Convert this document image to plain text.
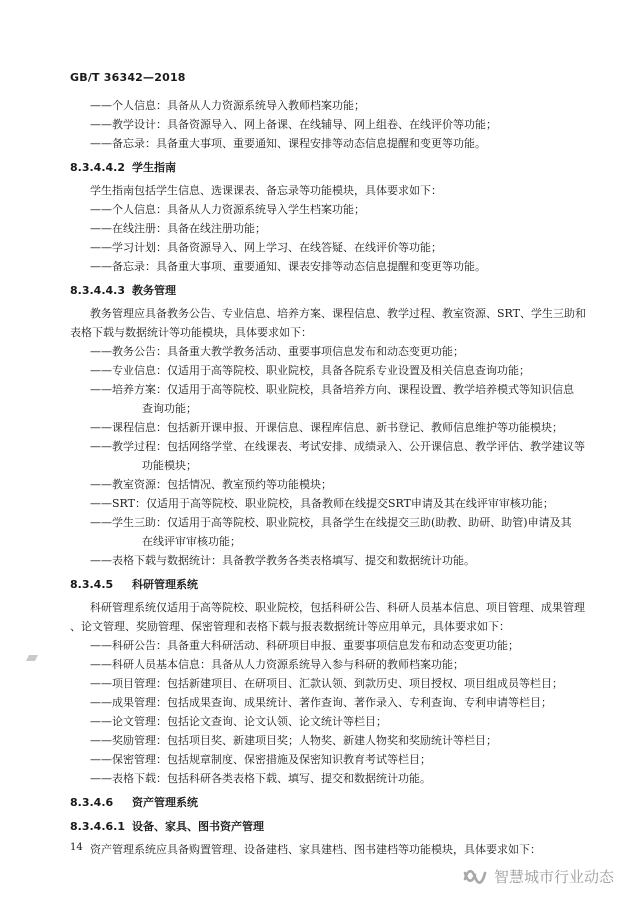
GB/T 36342—2018
——个人信息：具备从人力资源系统导入教师档案功能；
——教学设计：具备资源导入、网上备课、在线辅导、网上组卷、在线评价等功能；
——备忘录：具备重大事项、重要通知、课程安排等动态信息提醒和变更等功能。
8.3.4.4.2 学生指南
学生指南包括学生信息、选课课表、备忘录等功能模块，具体要求如下：
——个人信息：具备从人力资源系统导入学生档案功能；
——在线注册：具备在线注册功能；
——学习计划：具备资源导入、网上学习、在线答疑、在线评价等功能；
——备忘录：具备重大事项、重要通知、课表安排等动态信息提醒和变更等功能。
8.3.4.4.3 教务管理
教务管理应具备教务公告、专业信息、培养方案、课程信息、教学过程、教室资源、SRT、学生三助和
表格下载与数据统计等功能模块，具体要求如下：
——教务公告：具备重大教学教务活动、重要事项信息发布和动态变更功能；
——专业信息：仅适用于高等院校、职业院校，具备各院系专业设置及相关信息查询功能；
——培养方案：仅适用于高等院校、职业院校，具备培养方向、课程设置、教学培养模式等知识信息
查询功能；
——课程信息：包括新开课申报、开课信息、课程库信息、新书登记、教师信息维护等功能模块；
——教学过程：包括网络学堂、在线课表、考试安排、成绩录入、公开课信息、教学评估、教学建议等
功能模块；
——教室资源：包括情况、教室预约等功能模块；
——SRT：仅适用于高等院校、职业院校，具备教师在线提交SRT申请及其在线评审审核功能；
——学生三助：仅适用于高等院校、职业院校，具备学生在线提交三助(助教、助研、助管)申请及其
在线评审审核功能；
——表格下载与数据统计：具备教学教务各类表格填写、提交和数据统计功能。
8.3.4.5 科研管理系统
科研管理系统仅适用于高等院校、职业院校，包括科研公告、科研人员基本信息、项目管理、成果管理
、论文管理、奖励管理、保密管理和表格下载与报表数据统计等应用单元，具体要求如下：
——科研公告：具备重大科研活动、科研项目申报、重要事项信息发布和动态变更功能；
——科研人员基本信息：具备从人力资源系统导入参与科研的教师档案功能；
——项目管理：包括新建项目、在研项目、汇款认领、到款历史、项目授权、项目组成员等栏目；
——成果管理：包括成果查询、成果统计、著作查询、著作录入、专利查询、专利申请等栏目；
——论文管理：包括论文查询、论文认领、论文统计等栏目；
——奖励管理：包括项目奖、新建项目奖；人物奖、新建人物奖和奖励统计等栏目；
——保密管理：包括规章制度、保密措施及保密知识教育考试等栏目；
——表格下载：包括科研各类表格下载、填写、提交和数据统计功能。
8.3.4.6 资产管理系统
8.3.4.6.1 设备、家具、图书资产管理
资产管理系统应具备购置管理、设备建档、家具建档、图书建档等功能模块，具体要求如下：
14
智慧城市行业动态
